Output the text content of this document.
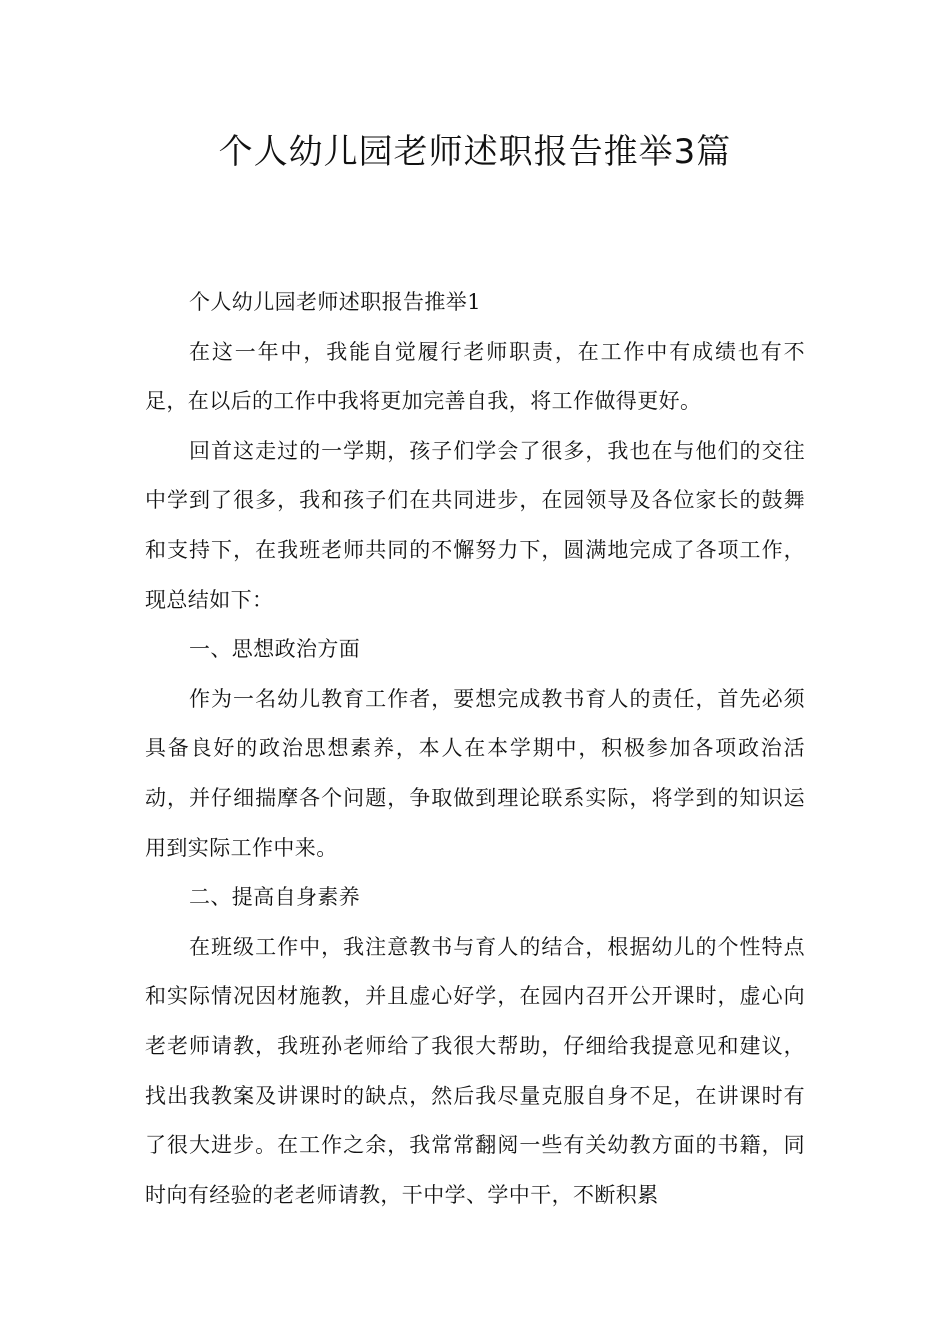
个人幼儿园老师述职报告推举3篇

个人幼儿园老师述职报告推举1

在这一年中，我能自觉履行老师职责，在工作中有成绩也有不足，在以后的工作中我将更加完善自我，将工作做得更好。

回首这走过的一学期，孩子们学会了很多，我也在与他们的交往中学到了很多，我和孩子们在共同进步，在园领导及各位家长的鼓舞和支持下，在我班老师共同的不懈努力下，圆满地完成了各项工作，现总结如下：

一、思想政治方面

作为一名幼儿教育工作者，要想完成教书育人的责任，首先必须具备良好的政治思想素养，本人在本学期中，积极参加各项政治活动，并仔细揣摩各个问题，争取做到理论联系实际，将学到的知识运用到实际工作中来。

二、提高自身素养

在班级工作中，我注意教书与育人的结合，根据幼儿的个性特点和实际情况因材施教，并且虚心好学，在园内召开公开课时，虚心向老老师请教，我班孙老师给了我很大帮助，仔细给我提意见和建议，找出我教案及讲课时的缺点，然后我尽量克服自身不足，在讲课时有了很大进步。在工作之余，我常常翻阅一些有关幼教方面的书籍，同时向有经验的老老师请教，干中学、学中干，不断积累
